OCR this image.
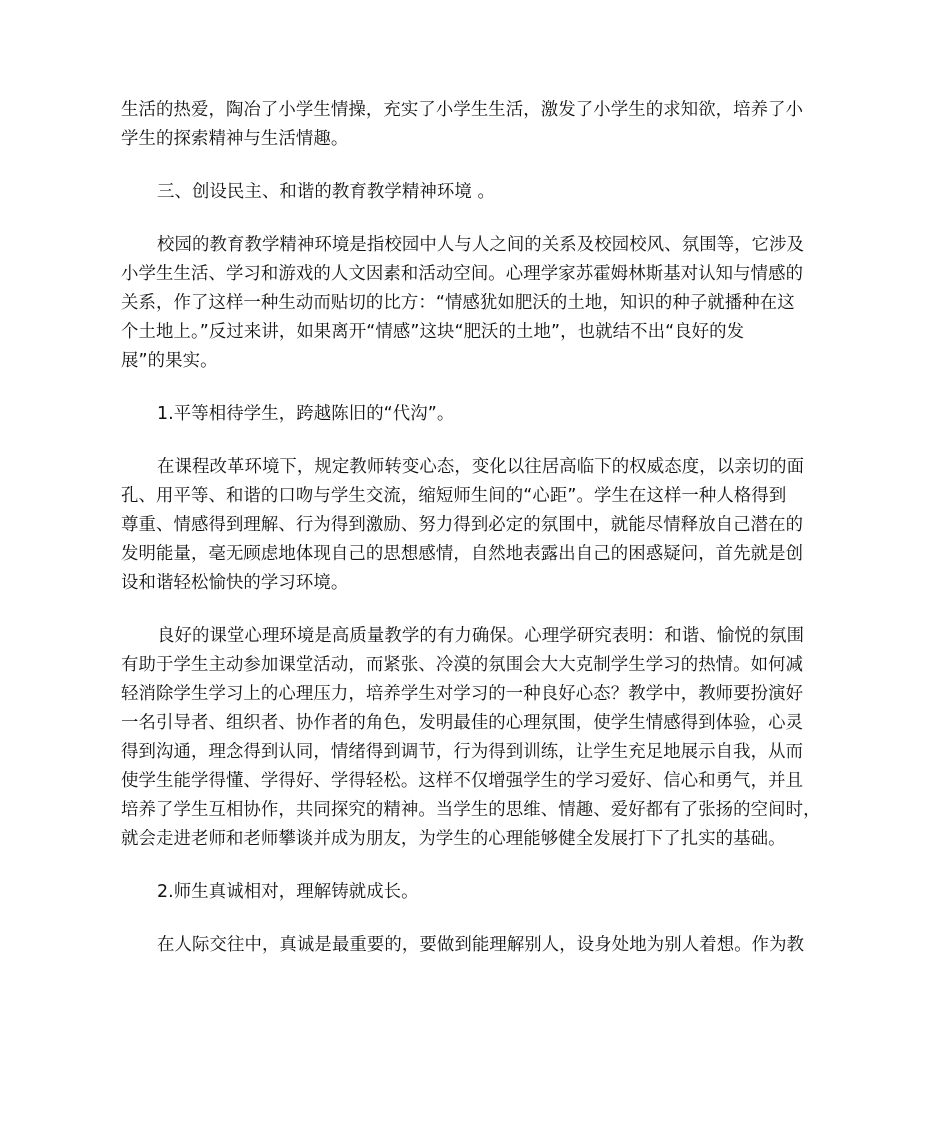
生活的热爱，陶冶了小学生情操，充实了小学生生活，激发了小学生的求知欲，培养了小
学生的探索精神与生活情趣。
三、创设民主、和谐的教育教学精神环境 。
校园的教育教学精神环境是指校园中人与人之间的关系及校园校风、氛围等，它涉及
小学生生活、学习和游戏的人文因素和活动空间。心理学家苏霍姆林斯基对认知与情感的
关系，作了这样一种生动而贴切的比方：“情感犹如肥沃的土地，知识的种子就播种在这
个土地上。”反过来讲，如果离开“情感”这块“肥沃的土地”，也就结不出“良好的发
展”的果实。
1.平等相待学生，跨越陈旧的“代沟”。
在课程改革环境下，规定教师转变心态，变化以往居高临下的权威态度，以亲切的面
孔、用平等、和谐的口吻与学生交流，缩短师生间的“心距”。学生在这样一种人格得到
尊重、情感得到理解、行为得到激励、努力得到必定的氛围中，就能尽情释放自己潜在的
发明能量，毫无顾虑地体现自己的思想感情，自然地表露出自己的困惑疑问，首先就是创
设和谐轻松愉快的学习环境。
良好的课堂心理环境是高质量教学的有力确保。心理学研究表明：和谐、愉悦的氛围
有助于学生主动参加课堂活动，而紧张、冷漠的氛围会大大克制学生学习的热情。如何减
轻消除学生学习上的心理压力，培养学生对学习的一种良好心态？教学中，教师要扮演好
一名引导者、组织者、协作者的角色，发明最佳的心理氛围，使学生情感得到体验，心灵
得到沟通，理念得到认同，情绪得到调节，行为得到训练，让学生充足地展示自我，从而
使学生能学得懂、学得好、学得轻松。这样不仅增强学生的学习爱好、信心和勇气，并且
培养了学生互相协作，共同探究的精神。当学生的思维、情趣、爱好都有了张扬的空间时，
就会走进老师和老师攀谈并成为朋友，为学生的心理能够健全发展打下了扎实的基础。
2.师生真诚相对，理解铸就成长。
在人际交往中，真诚是最重要的，要做到能理解别人，设身处地为别人着想。作为教
